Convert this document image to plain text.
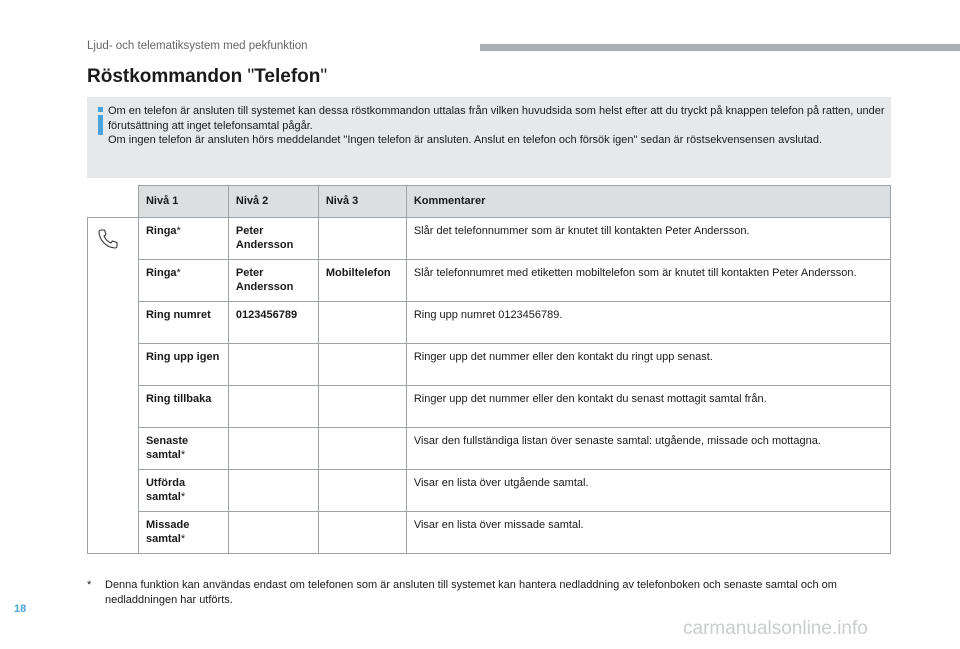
Ljud- och telematiksystem med pekfunktion
Röstkommandon "Telefon"

Om en telefon är ansluten till systemet kan dessa röstkommandon uttalas från vilken huvudsida som helst efter att du tryckt på knappen telefon på ratten, under förutsättning att inget telefonsamtal pågår.

Om ingen telefon är ansluten hörs meddelandet "Ingen telefon är ansluten. Anslut en telefon och försök igen" sedan är röstsekvensensen avslutad.

	Nivå 1	Nivå 2	Nivå 3	Kommentarer

	Ringa*	Peter Andersson		Slår det telefonnummer som är knutet till kontakten Peter Andersson.
	Ringa*	Peter Andersson	Mobiltelefon	Slår telefonnumret med etiketten mobiltelefon som är knutet till kontakten Peter Andersson.
	Ring numret	0123456789		Ring upp numret 0123456789.
	Ring upp igen			Ringer upp det nummer eller den kontakt du ringt upp senast.
	Ring tillbaka			Ringer upp det nummer eller den kontakt du senast mottagit samtal från.
	Senaste samtal*			Visar den fullständiga listan över senaste samtal: utgående, missade och mottagna.
	Utförda samtal*			Visar en lista över utgående samtal.
	Missade samtal*			Visar en lista över missade samtal.
* Denna funktion kan användas endast om telefonen som är ansluten till systemet kan hantera nedladdning av telefonboken och senaste samtal och om nedladdningen har utförts.
18
carmanualsonline.info
